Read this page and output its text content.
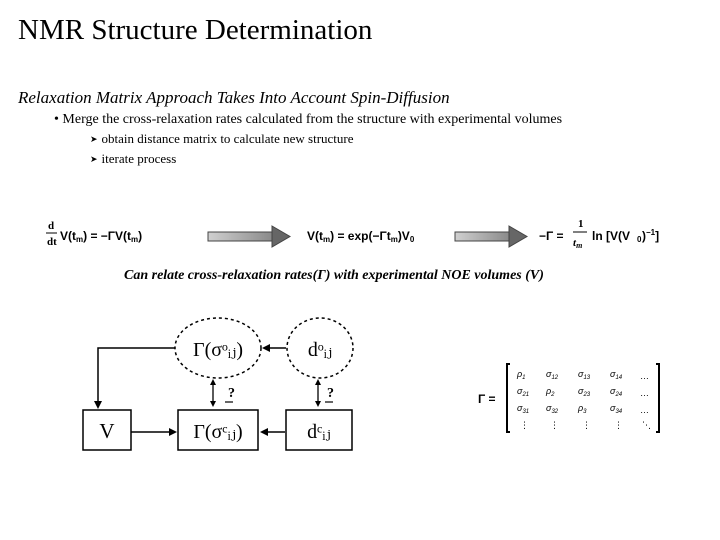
NMR Structure Determination
Relaxation Matrix Approach Takes Into Account Spin-Diffusion
• Merge the cross-relaxation rates calculated from the structure with experimental volumes
➤ obtain distance matrix to calculate new structure
➤ iterate process
d
dt V(tm) = −ΓV(tm)	V(tm) = exp(−Γtm)V0	−Γ =
1
tm
ln [V(V 0 )$^{-1}$]
Can relate cross-relaxation rates(Γ) with experimental NOE volumes (V)
Γ(σᵒᵢⱼ)	dᵒᵢⱼ
V	Γ(σᶜᵢⱼ)	dᶜᵢⱼ
?	?	Γ =
$\rho_1$ $\sigma_{12}$ $\sigma_{13}$ $\sigma_{14}$ …
$\sigma_{21}$ $\rho_2$	$\sigma_{23}$ $\sigma_{24}$ …
$\sigma_{31}$ $\sigma_{32}$ $\rho_3$	$\sigma_{34}$ …
⋮ ⋮	⋮	⋮ ⋱
